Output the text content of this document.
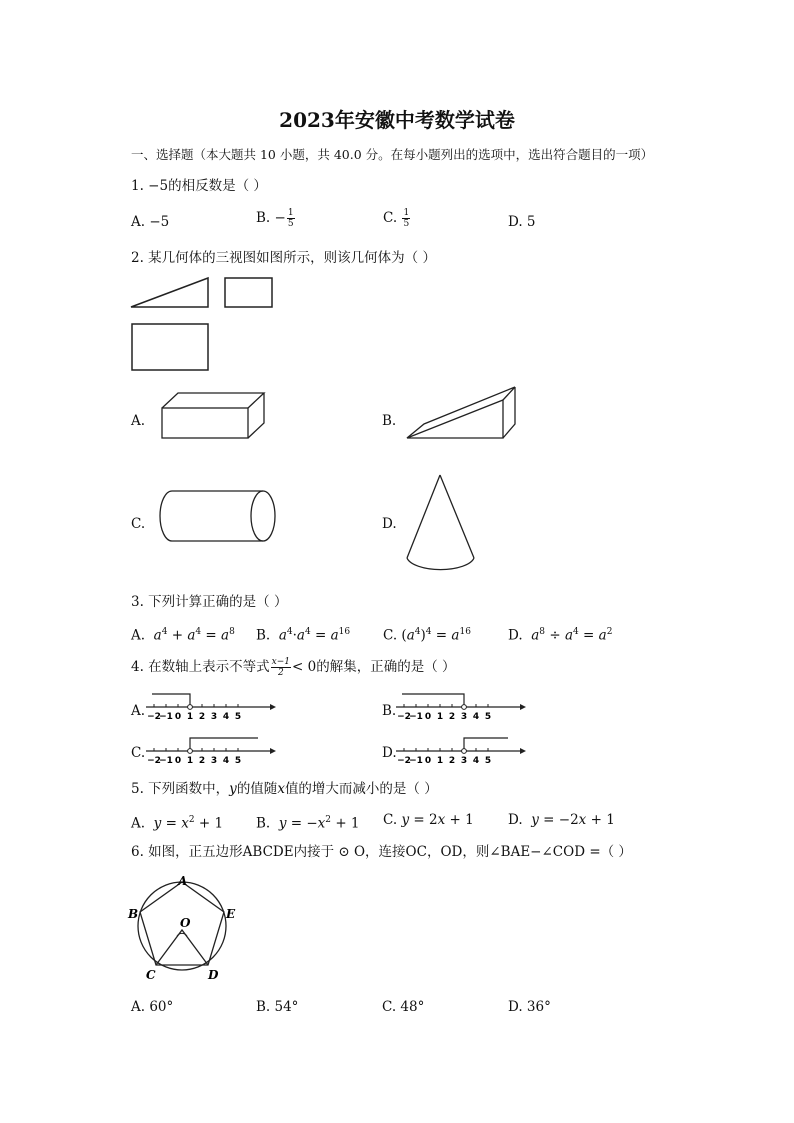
2023年安徽中考数学试卷
一、选择题（本大题共 10 小题，共 40.0 分。在每小题列出的选项中，选出符合题目的一项）
1. −5的相反数是（ ）
A. −5	B. − $\frac{1}{5}$	C. $\frac{1}{5}$	D. 5
2. 某几何体的三视图如图所示，则该几何体为（ ）
A.	B.
C.	D.
3. 下列计算正确的是（ ）
A. $a^4 + a^4 = a^8$ B. $a^4\cdot a^4 = a^{16}$ C. $(a^4)^4 = a^{16}$	D. $a^8 \div a^4 = a^2$
4. 在数轴上表示不等式 $\frac{x-1}{2} < 0$的解集，正确的是（ ）
A.	B.
C.	D.
−2
−1 0 1 2 3 4 5	−2
−1 0 1 2 3 4 5
−2
−1 0 1 2 3 4 5	−2
−1 0 1 2 3 4 5
5. 下列函数中，y的值随x值的增大而减小的是（ ）
A. $y = x^2 + 1$ B. $y = -x^2 + 1$ C. y = 2x + 1	D. y = −2x + 1
6. 如图，正五边形ABCDE内接于 ⊙ O，连接OC，OD，则∠BAE−∠COD =（ ）
A
B
C	D
E
O
A. 60°	B. 54°	C. 48°	D. 36°
